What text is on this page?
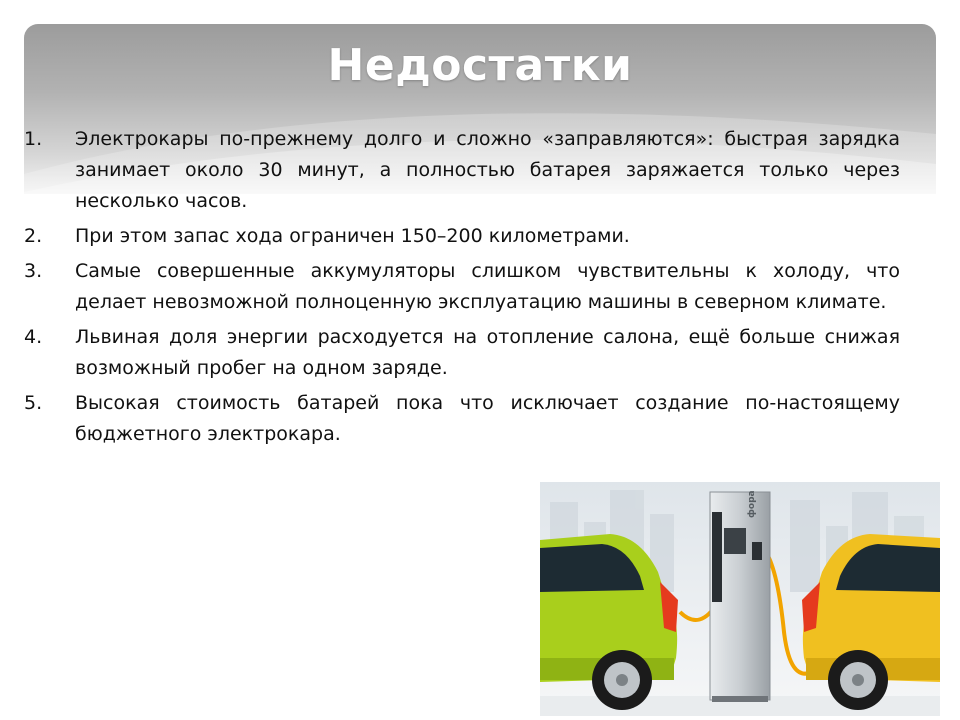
Недостатки
1. Электрокары по-прежнему долго и сложно «заправляются»: быстрая зарядка занимает около 30 минут, а полностью батарея заряжается только через несколько часов.
2. При этом запас хода ограничен 150–200 километрами.
3. Самые совершенные аккумуляторы слишком чувствительны к холоду, что делает невозможной полноценную эксплуатацию машины в северном климате.
4. Львиная доля энергии расходуется на отопление салона, ещё больше снижая возможный пробег на одном заряде.
5. Высокая стоимость батарей пока что исключает создание по-настоящему бюджетного электрокара.
фора
